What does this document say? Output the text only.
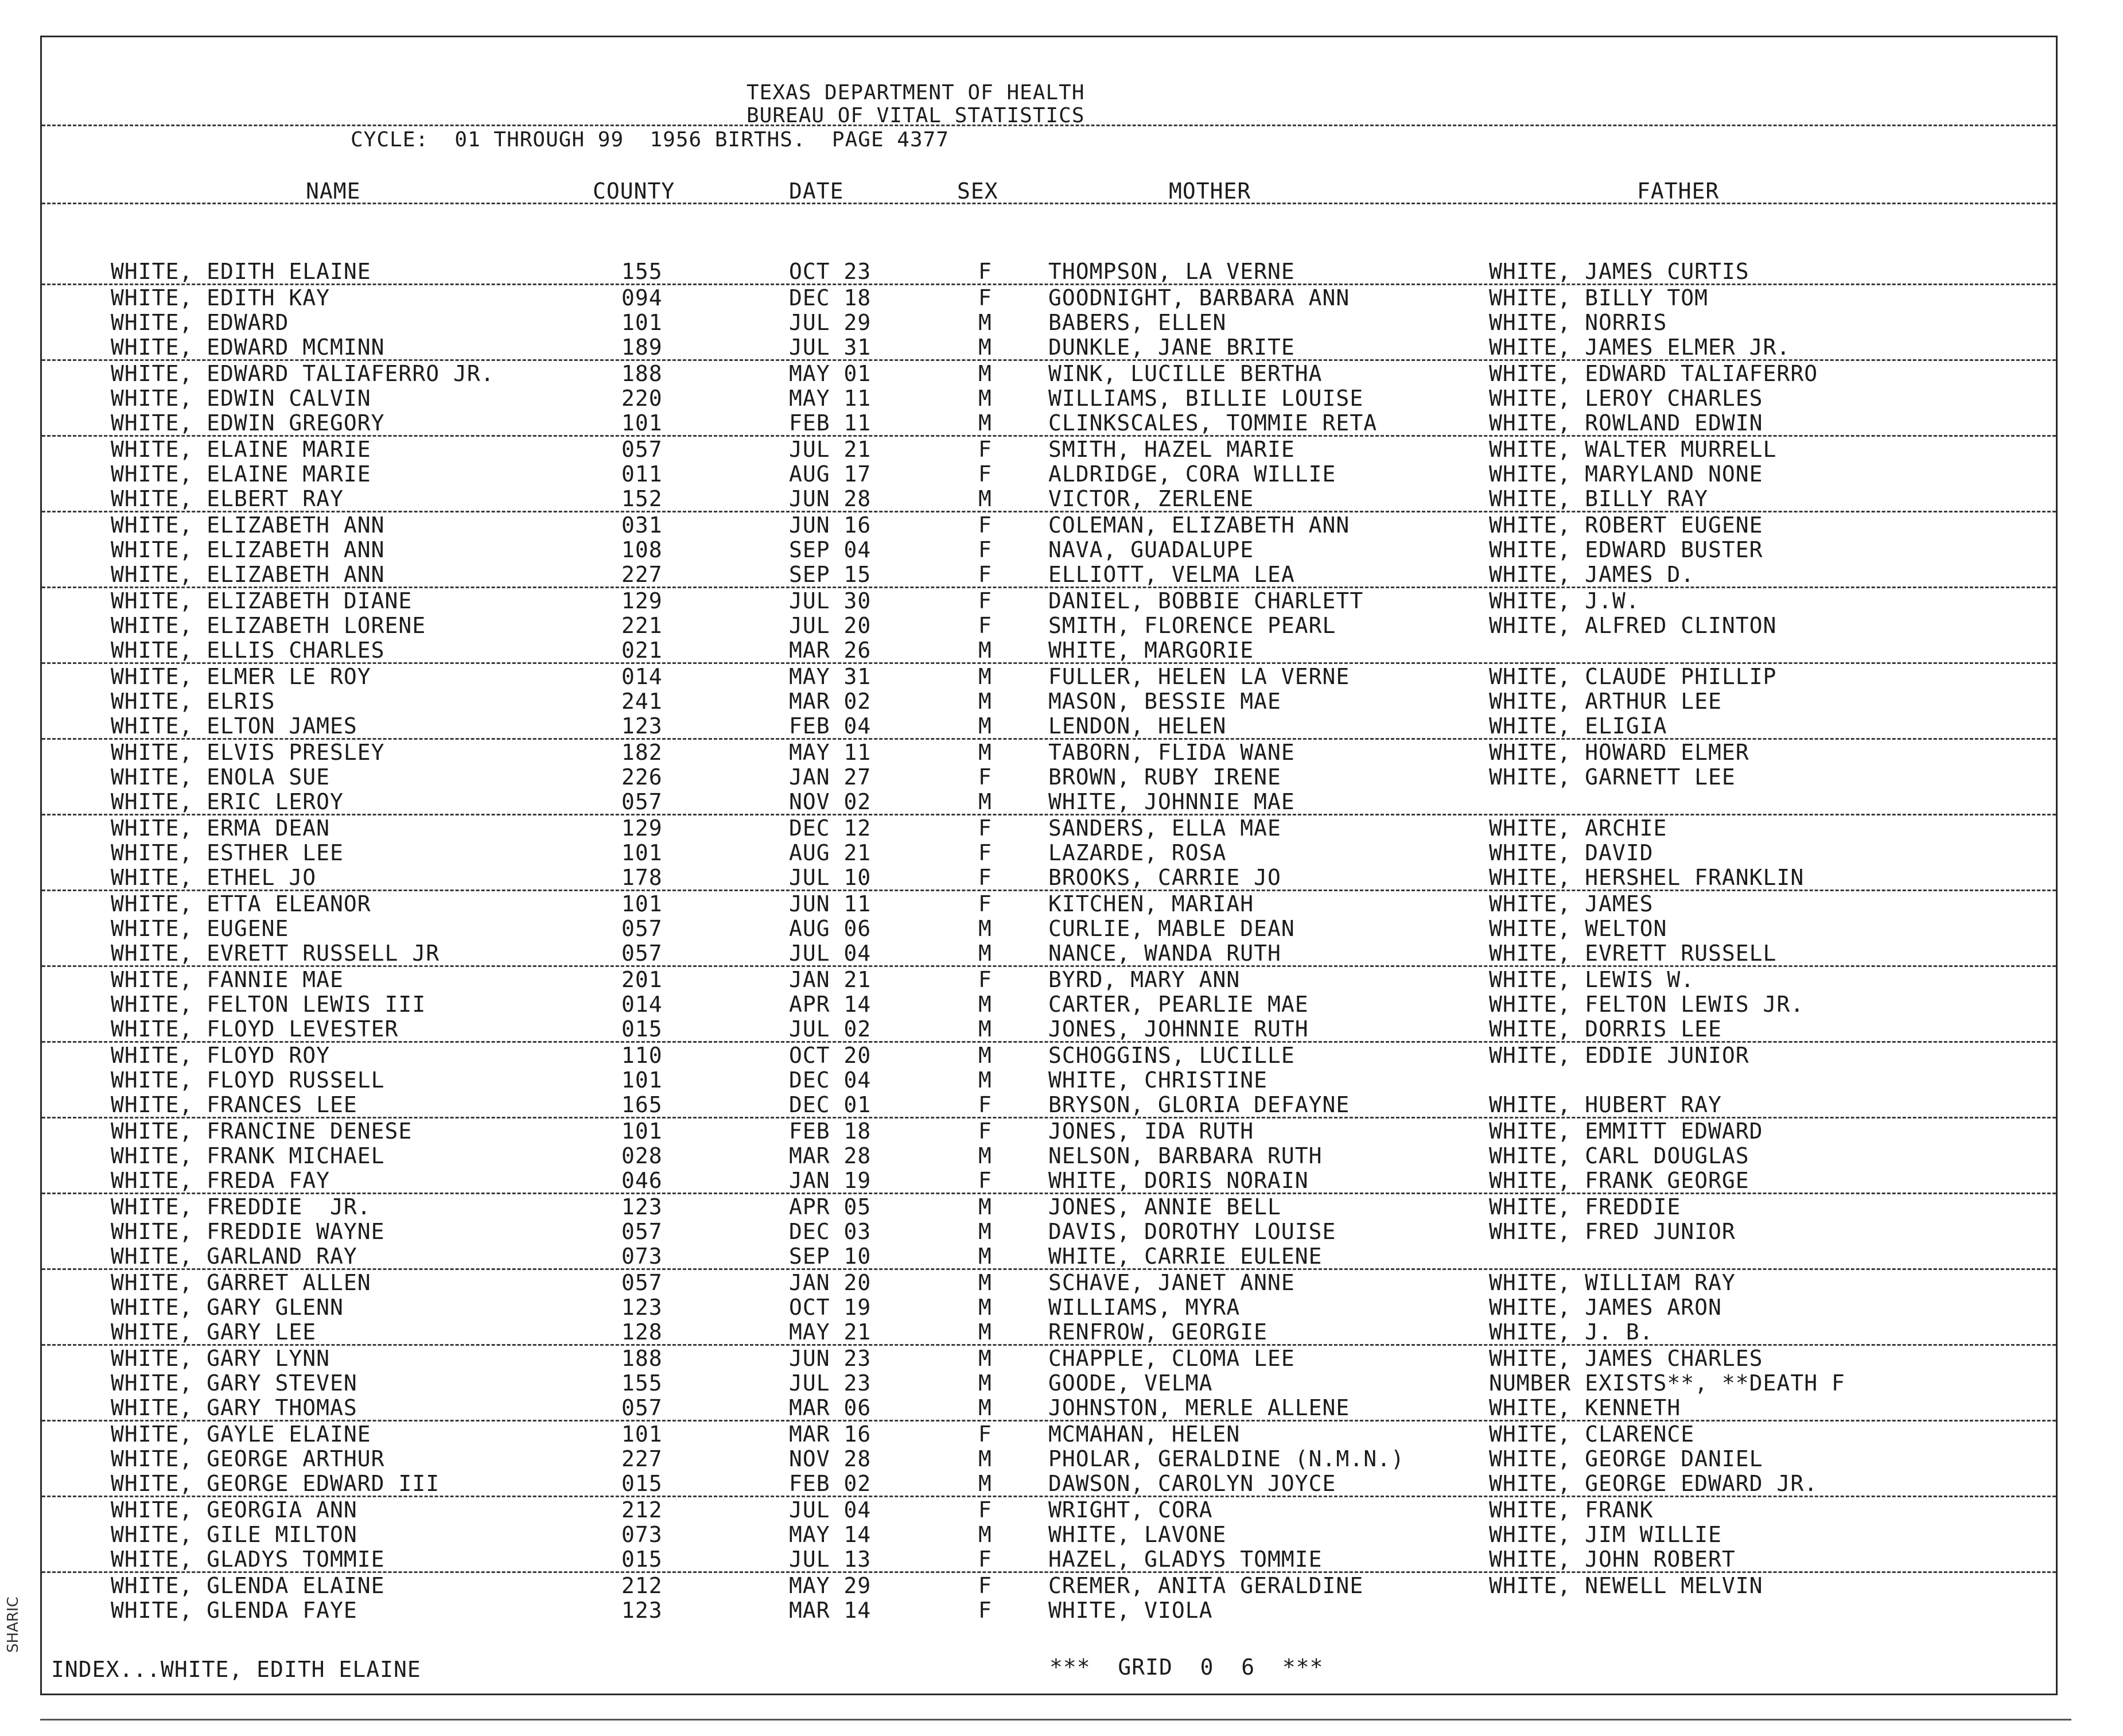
TEXAS DEPARTMENT OF HEALTH
BUREAU OF VITAL STATISTICS
CYCLE:  01 THROUGH 99  1956 BIRTHS.  PAGE 4377
NAME	COUNTY	DATE	SEX	MOTHER	FATHER
WHITE, EDITH ELAINE	155	OCT 23	F	THOMPSON, LA VERNE	WHITE, JAMES CURTIS
WHITE, EDITH KAY	094	DEC 18	F	GOODNIGHT, BARBARA ANN	WHITE, BILLY TOM
WHITE, EDWARD	101	JUL 29	M	BABERS, ELLEN	WHITE, NORRIS
WHITE, EDWARD MCMINN	189	JUL 31	M	DUNKLE, JANE BRITE	WHITE, JAMES ELMER JR.
WHITE, EDWARD TALIAFERRO JR.	188	MAY 01	M	WINK, LUCILLE BERTHA	WHITE, EDWARD TALIAFERRO
WHITE, EDWIN CALVIN	220	MAY 11	M	WILLIAMS, BILLIE LOUISE	WHITE, LEROY CHARLES
WHITE, EDWIN GREGORY	101	FEB 11	M	CLINKSCALES, TOMMIE RETA	WHITE, ROWLAND EDWIN
WHITE, ELAINE MARIE	057	JUL 21	F	SMITH, HAZEL MARIE	WHITE, WALTER MURRELL
WHITE, ELAINE MARIE	011	AUG 17	F	ALDRIDGE, CORA WILLIE	WHITE, MARYLAND NONE
WHITE, ELBERT RAY	152	JUN 28	M	VICTOR, ZERLENE	WHITE, BILLY RAY
WHITE, ELIZABETH ANN	031	JUN 16	F	COLEMAN, ELIZABETH ANN	WHITE, ROBERT EUGENE
WHITE, ELIZABETH ANN	108	SEP 04	F	NAVA, GUADALUPE	WHITE, EDWARD BUSTER
WHITE, ELIZABETH ANN	227	SEP 15	F	ELLIOTT, VELMA LEA	WHITE, JAMES D.
WHITE, ELIZABETH DIANE	129	JUL 30	F	DANIEL, BOBBIE CHARLETT	WHITE, J.W.
WHITE, ELIZABETH LORENE	221	JUL 20	F	SMITH, FLORENCE PEARL	WHITE, ALFRED CLINTON
WHITE, ELLIS CHARLES	021	MAR 26	M	WHITE, MARGORIE
WHITE, ELMER LE ROY	014	MAY 31	M	FULLER, HELEN LA VERNE	WHITE, CLAUDE PHILLIP
WHITE, ELRIS	241	MAR 02	M	MASON, BESSIE MAE	WHITE, ARTHUR LEE
WHITE, ELTON JAMES	123	FEB 04	M	LENDON, HELEN	WHITE, ELIGIA
WHITE, ELVIS PRESLEY	182	MAY 11	M	TABORN, FLIDA WANE	WHITE, HOWARD ELMER
WHITE, ENOLA SUE	226	JAN 27	F	BROWN, RUBY IRENE	WHITE, GARNETT LEE
WHITE, ERIC LEROY	057	NOV 02	M	WHITE, JOHNNIE MAE
WHITE, ERMA DEAN	129	DEC 12	F	SANDERS, ELLA MAE	WHITE, ARCHIE
WHITE, ESTHER LEE	101	AUG 21	F	LAZARDE, ROSA	WHITE, DAVID
WHITE, ETHEL JO	178	JUL 10	F	BROOKS, CARRIE JO	WHITE, HERSHEL FRANKLIN
WHITE, ETTA ELEANOR	101	JUN 11	F	KITCHEN, MARIAH	WHITE, JAMES
WHITE, EUGENE	057	AUG 06	M	CURLIE, MABLE DEAN	WHITE, WELTON
WHITE, EVRETT RUSSELL JR	057	JUL 04	M	NANCE, WANDA RUTH	WHITE, EVRETT RUSSELL
WHITE, FANNIE MAE	201	JAN 21	F	BYRD, MARY ANN	WHITE, LEWIS W.
WHITE, FELTON LEWIS III	014	APR 14	M	CARTER, PEARLIE MAE	WHITE, FELTON LEWIS JR.
WHITE, FLOYD LEVESTER	015	JUL 02	M	JONES, JOHNNIE RUTH	WHITE, DORRIS LEE
WHITE, FLOYD ROY	110	OCT 20	M	SCHOGGINS, LUCILLE	WHITE, EDDIE JUNIOR
WHITE, FLOYD RUSSELL	101	DEC 04	M	WHITE, CHRISTINE
WHITE, FRANCES LEE	165	DEC 01	F	BRYSON, GLORIA DEFAYNE	WHITE, HUBERT RAY
WHITE, FRANCINE DENESE	101	FEB 18	F	JONES, IDA RUTH	WHITE, EMMITT EDWARD
WHITE, FRANK MICHAEL	028	MAR 28	M	NELSON, BARBARA RUTH	WHITE, CARL DOUGLAS
WHITE, FREDA FAY	046	JAN 19	F	WHITE, DORIS NORAIN	WHITE, FRANK GEORGE
WHITE, FREDDIE  JR.	123	APR 05	M	JONES, ANNIE BELL	WHITE, FREDDIE
WHITE, FREDDIE WAYNE	057	DEC 03	M	DAVIS, DOROTHY LOUISE	WHITE, FRED JUNIOR
WHITE, GARLAND RAY	073	SEP 10	M	WHITE, CARRIE EULENE
WHITE, GARRET ALLEN	057	JAN 20	M	SCHAVE, JANET ANNE	WHITE, WILLIAM RAY
WHITE, GARY GLENN	123	OCT 19	M	WILLIAMS, MYRA	WHITE, JAMES ARON
WHITE, GARY LEE	128	MAY 21	M	RENFROW, GEORGIE	WHITE, J. B.
WHITE, GARY LYNN	188	JUN 23	M	CHAPPLE, CLOMA LEE	WHITE, JAMES CHARLES
WHITE, GARY STEVEN	155	JUL 23	M	GOODE, VELMA	NUMBER EXISTS**, **DEATH F
WHITE, GARY THOMAS	057	MAR 06	M	JOHNSTON, MERLE ALLENE	WHITE, KENNETH
WHITE, GAYLE ELAINE	101	MAR 16	F	MCMAHAN, HELEN	WHITE, CLARENCE
WHITE, GEORGE ARTHUR	227	NOV 28	M	PHOLAR, GERALDINE (N.M.N.)	WHITE, GEORGE DANIEL
WHITE, GEORGE EDWARD III	015	FEB 02	M	DAWSON, CAROLYN JOYCE	WHITE, GEORGE EDWARD JR.
WHITE, GEORGIA ANN	212	JUL 04	F	WRIGHT, CORA	WHITE, FRANK
WHITE, GILE MILTON	073	MAY 14	M	WHITE, LAVONE	WHITE, JIM WILLIE
WHITE, GLADYS TOMMIE	015	JUL 13	F	HAZEL, GLADYS TOMMIE	WHITE, JOHN ROBERT
WHITE, GLENDA ELAINE	212	MAY 29	F	CREMER, ANITA GERALDINE	WHITE, NEWELL MELVIN
WHITE, GLENDA FAYE	123	MAR 14	F	WHITE, VIOLA
INDEX...WHITE, EDITH ELAINE	***  GRID  0  6  ***
SHARIC
